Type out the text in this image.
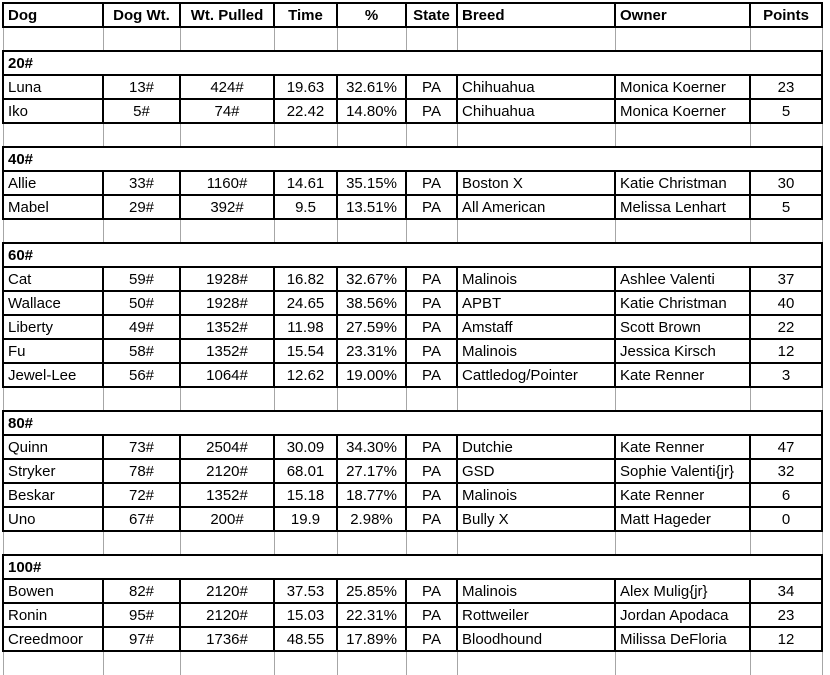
Dog	Dog Wt.	Wt. Pulled	Time	%	State	Breed	Owner	Points

20#								
Luna	13#	424#	19.63	32.61%	PA	Chihuahua	Monica Koerner	23
Iko	5#	74#	22.42	14.80%	PA	Chihuahua	Monica Koerner	5

40#								
Allie	33#	1160#	14.61	35.15%	PA	Boston X	Katie Christman	30
Mabel	29#	392#	9.5	13.51%	PA	All American	Melissa Lenhart	5

60#								
Cat	59#	1928#	16.82	32.67%	PA	Malinois	Ashlee Valenti	37
Wallace	50#	1928#	24.65	38.56%	PA	APBT	Katie Christman	40
Liberty	49#	1352#	11.98	27.59%	PA	Amstaff	Scott Brown	22
Fu	58#	1352#	15.54	23.31%	PA	Malinois	Jessica Kirsch	12
Jewel-Lee	56#	1064#	12.62	19.00%	PA	Cattledog/Pointer	Kate Renner	3

80#								
Quinn	73#	2504#	30.09	34.30%	PA	Dutchie	Kate Renner	47
Stryker	78#	2120#	68.01	27.17%	PA	GSD	Sophie Valenti{jr}	32
Beskar	72#	1352#	15.18	18.77%	PA	Malinois	Kate Renner	6
Uno	67#	200#	19.9	2.98%	PA	Bully X	Matt Hageder	0

100#								
Bowen	82#	2120#	37.53	25.85%	PA	Malinois	Alex Mulig{jr}	34
Ronin	95#	2120#	15.03	22.31%	PA	Rottweiler	Jordan Apodaca	23
Creedmoor	97#	1736#	48.55	17.89%	PA	Bloodhound	Milissa DeFloria	12
